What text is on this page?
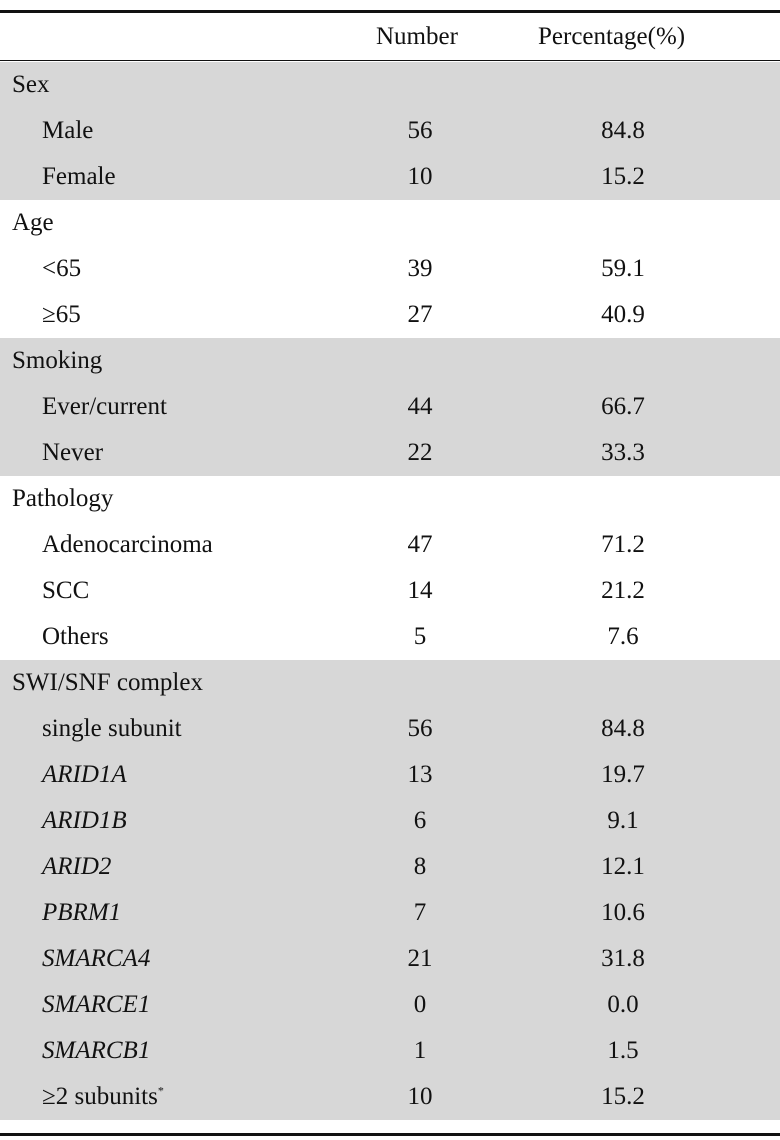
Number	Percentage(%)
Sex
Male	56	84.8
Female	10	15.2
Age
<65	39	59.1
≥65	27	40.9
Smoking
Ever/current	44	66.7
Never	22	33.3
Pathology
Adenocarcinoma	47	71.2
SCC	14	21.2
Others	5	7.6
SWI/SNF complex
single subunit	56	84.8
ARID1A	13	19.7
ARID1B	6	9.1
ARID2	8	12.1
PBRM1	7	10.6
SMARCA4	21	31.8
SMARCE1	0	0.0
SMARCB1	1	1.5
≥2 subunits*	10	15.2
